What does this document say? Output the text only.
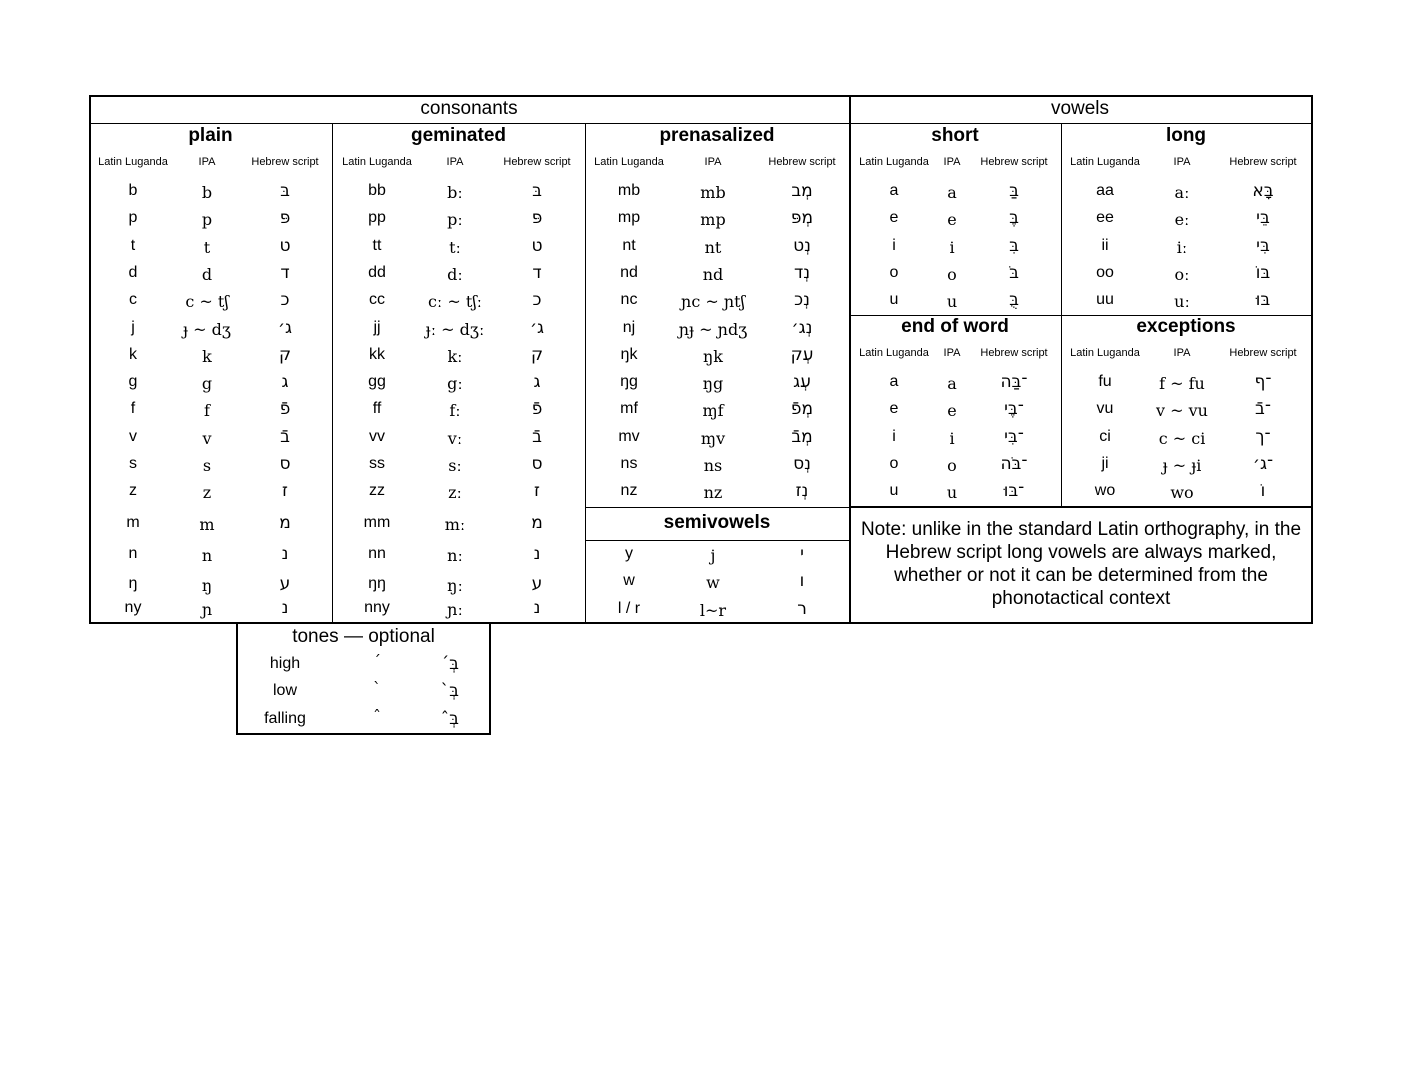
consonants	vowels
plain	geminated	prenasalized	short	long
end of word	exceptions
semivowels
tones — optional
Latin Luganda	IPA	Hebrew script
b	b	בּ
p	p	פּ
t	t	ט
d	d	ד
c	c ~ tʃ	כ
j	ɟ ~ dʒ	ג׳
k	k	ק
g	g	ג
f	f	פֿ
v	v	בֿ
s	s	ס
z	z	ז
m	m	מ
n	n	נ
ŋ	ŋ	ע
ny	ɲ	נ
Latin Luganda	IPA	Hebrew script
bb	bː	בּ
pp	pː	פּ
tt	tː	ט
dd	dː	ד
cc	cː ~ tʃː	כ
jj	ɟː ~ dʒː	ג׳
kk	kː	ק
gg	gː	ג
ff	fː	פֿ
vv	vː	בֿ
ss	sː	ס
zz	zː	ז
mm	mː	מ
nn	nː	נ
ŋŋ	ŋː	ע
nny	ɲː	נ
Latin Luganda	IPA	Hebrew script
mb	mb	מְב
mp	mp	מְפּ
nt	nt	נְט
nd	nd	נְד
nc	ɲc ~ ɲtʃ	נְכ
nj	ɲɟ ~ ɲdʒ	נְג׳
ŋk	ŋk	עְק
ŋg	ŋg	עְג
mf	ɱf	מְפֿ
mv	ɱv	מְבֿ
ns	ns	נְס
nz	nz	נְז
Latin Luganda	IPA	Hebrew script
a	a	בַּ
e	e	בֶּ
i	i	בִּ
o	o	בֹּ
u	u	בֻּ
Latin Luganda	IPA	Hebrew script
aa	aː	בָּא
ee	eː	בֵּי
ii	iː	בִּי
oo	oː	בּוֹ
uu	uː	בּוּ
Latin Luganda	IPA	Hebrew script
a	a	־בַּה
e	e	־בֶּי
i	i	־בִּי
o	o	־בֹּה
u	u	־בּוּ
Latin Luganda	IPA	Hebrew script
fu	f ~ fu	־ף
vu	v ~ vu	־בֿ
ci	c ~ ci	־ך
ji	ɟ ~ ɟi	־ג׳
wo	wo	וֹ
y	j	י
w	w	ו
l / r	l~r	ר
high	´	בְּ́
low	`	בְּ̀
falling	ˆ	בְּ̂
Note: unlike in the standard Latin orthography, in the Hebrew script long vowels are always marked, whether or not it can be determined from the phonotactical context
